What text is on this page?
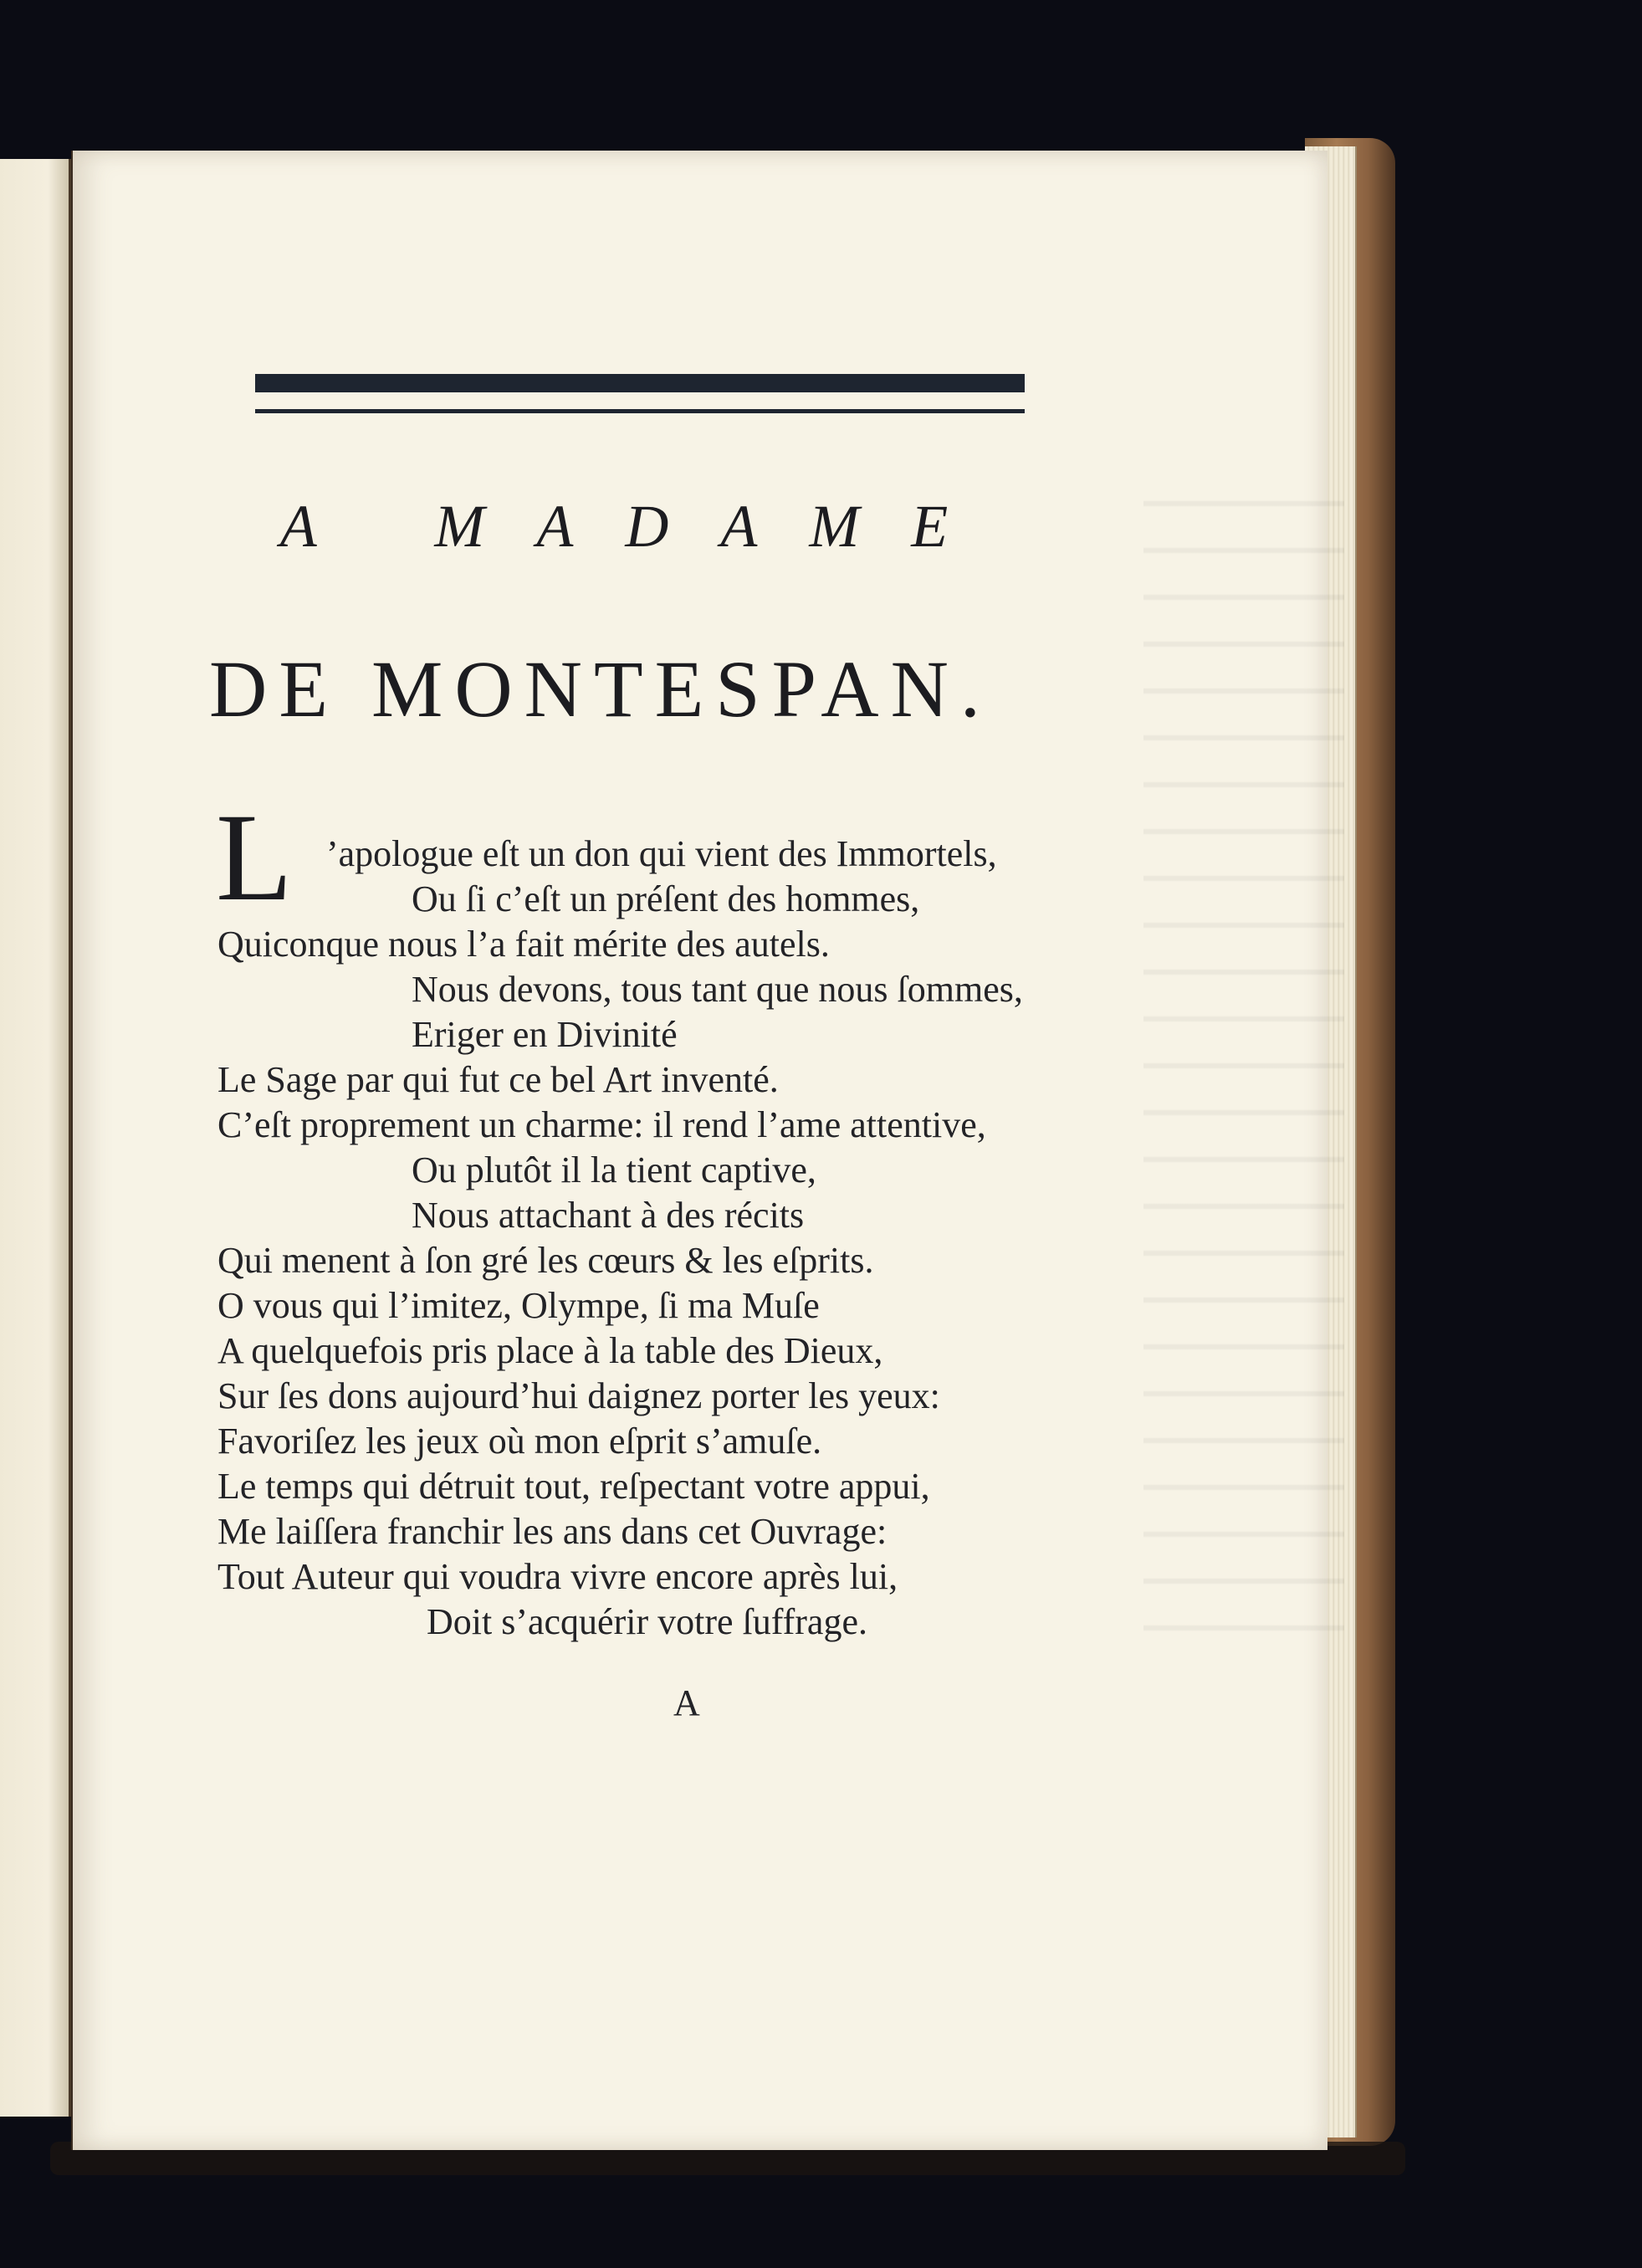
A MADAME
DE MONTESPAN.
L ’apologue eſt un don qui vient des Immortels,
Ou ſi c’eſt un préſent des hommes,
Quiconque nous l’a fait mérite des autels.
Nous devons, tous tant que nous ſommes,
Eriger en Divinité
Le Sage par qui fut ce bel Art inventé.
C’eſt proprement un charme: il rend l’ame attentive,
Ou plutôt il la tient captive,
Nous attachant à des récits
Qui menent à ſon gré les cœurs & les eſprits.
O vous qui l’imitez, Olympe, ſi ma Muſe
A quelquefois pris place à la table des Dieux,
Sur ſes dons aujourd’hui daignez porter les yeux:
Favoriſez les jeux où mon eſprit s’amuſe.
Le temps qui détruit tout, reſpectant votre appui,
Me laiſſera franchir les ans dans cet Ouvrage:
Tout Auteur qui voudra vivre encore après lui,
Doit s’acquérir votre ſuffrage.
A
